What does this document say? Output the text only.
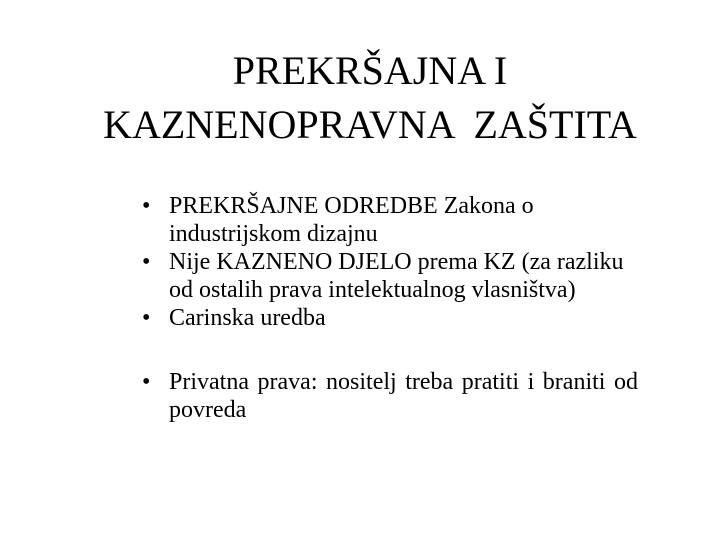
PREKRŠAJNA I
KAZNENOPRAVNA  ZAŠTITA
• PREKRŠAJNE ODREDBE Zakona o industrijskom dizajnu
• Nije KAZNENO DJELO prema KZ (za razliku od ostalih prava intelektualnog vlasništva)
• Carinska uredba
• Privatna prava: nositelj treba pratiti i braniti od povreda
